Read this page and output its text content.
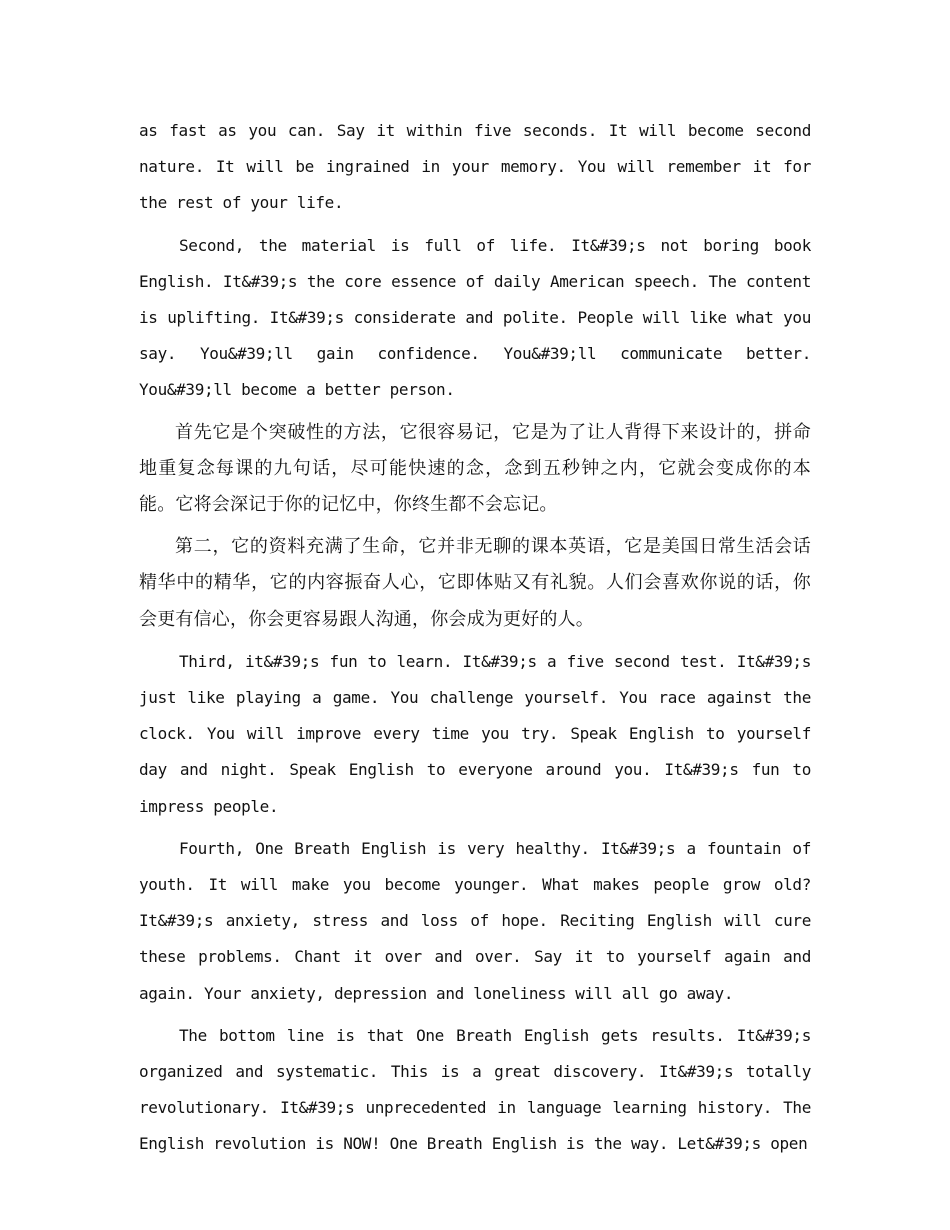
as fast as you can. Say it within five seconds. It will become second nature. It will be ingrained in your memory. You will remember it for the rest of your life.

Second, the material is full of life. It&#39;s not boring book English. It&#39;s the core essence of daily American speech. The content is uplifting. It&#39;s considerate and polite. People will like what you say. You&#39;ll gain confidence. You&#39;ll communicate better. You&#39;ll become a better person.

首先它是个突破性的方法，它很容易记，它是为了让人背得下来设计的，拼命地重复念每课的九句话，尽可能快速的念，念到五秒钟之内，它就会变成你的本能。它将会深记于你的记忆中，你终生都不会忘记。

第二，它的资料充满了生命，它并非无聊的课本英语，它是美国日常生活会话精华中的精华，它的内容振奋人心，它即体贴又有礼貌。人们会喜欢你说的话，你会更有信心，你会更容易跟人沟通，你会成为更好的人。

Third, it&#39;s fun to learn. It&#39;s a five second test. It&#39;s just like playing a game. You challenge yourself. You race against the clock. You will improve every time you try. Speak English to yourself day and night. Speak English to everyone around you. It&#39;s fun to impress people.

Fourth, One Breath English is very healthy. It&#39;s a fountain of youth. It will make you become younger. What makes people grow old? It&#39;s anxiety, stress and loss of hope. Reciting English will cure these problems. Chant it over and over. Say it to yourself again and again. Your anxiety, depression and loneliness will all go away.

The bottom line is that One Breath English gets results. It&#39;s organized and systematic. This is a great discovery. It&#39;s totally revolutionary. It&#39;s unprecedented in language learning history. The English revolution is NOW! One Breath English is the way. Let&#39;s open
